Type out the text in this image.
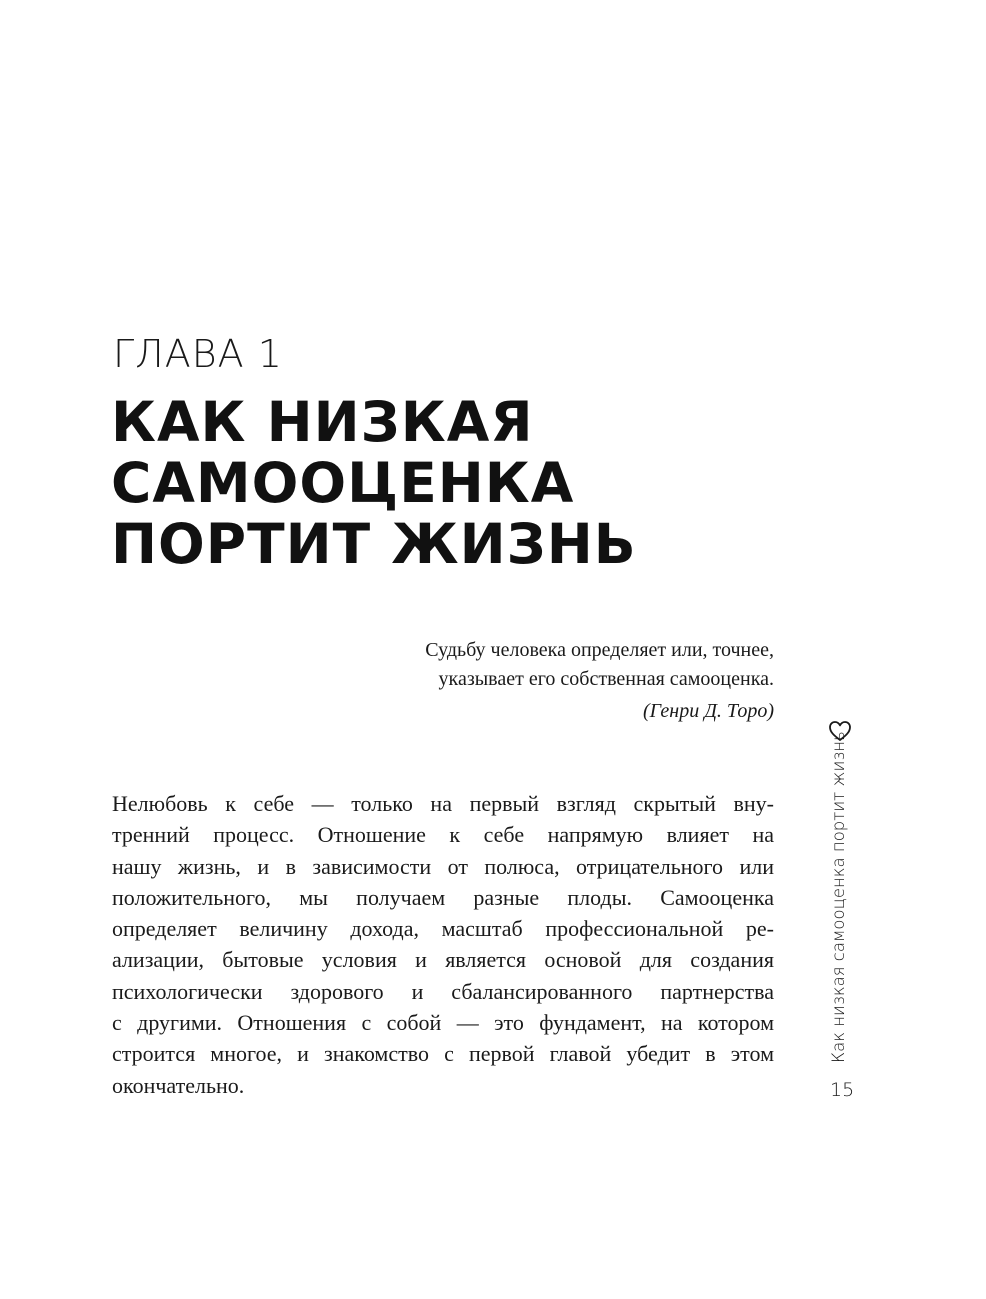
ГЛАВА 1
КАК НИЗКАЯ
САМООЦЕНКА
ПОРТИТ ЖИЗНЬ
Судьбу человека определяет или, точнее,
указывает его собственная самооценка.
(Генри Д. Торо)
Нелюбовь к себе — только на первый взгляд скрытый вну-
тренний процесс. Отношение к себе напрямую влияет на
нашу жизнь, и в зависимости от полюса, отрицательного или
положительного, мы получаем разные плоды. Самооценка
определяет величину дохода, масштаб профессиональной ре-
ализации, бытовые условия и является основой для создания
психологически здорового и сбалансированного партнерства
с другими. Отношения с собой — это фундамент, на котором
строится многое, и знакомство с первой главой убедит в этом
окончательно.
Как низкая самооценка портит жизнь
15
